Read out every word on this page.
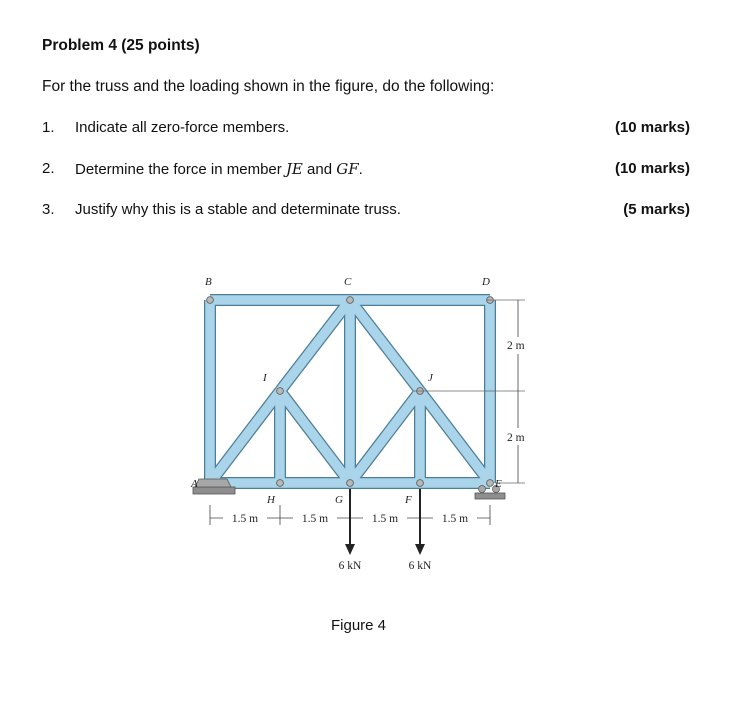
Problem 4 (25 points)
For the truss and the loading shown in the figure, do the following:
1. Indicate all zero-force members.	(10 marks)
2. Determine the force in member JE and GF.	(10 marks)
3. Justify why this is a stable and determinate truss.	(5 marks)
2 m
2 m
1.5 m	1.5 m	1.5 m	1.5 m
6 kN	6 kN
A
B	C	D
E
F
G
H
I	J
Figure 4
